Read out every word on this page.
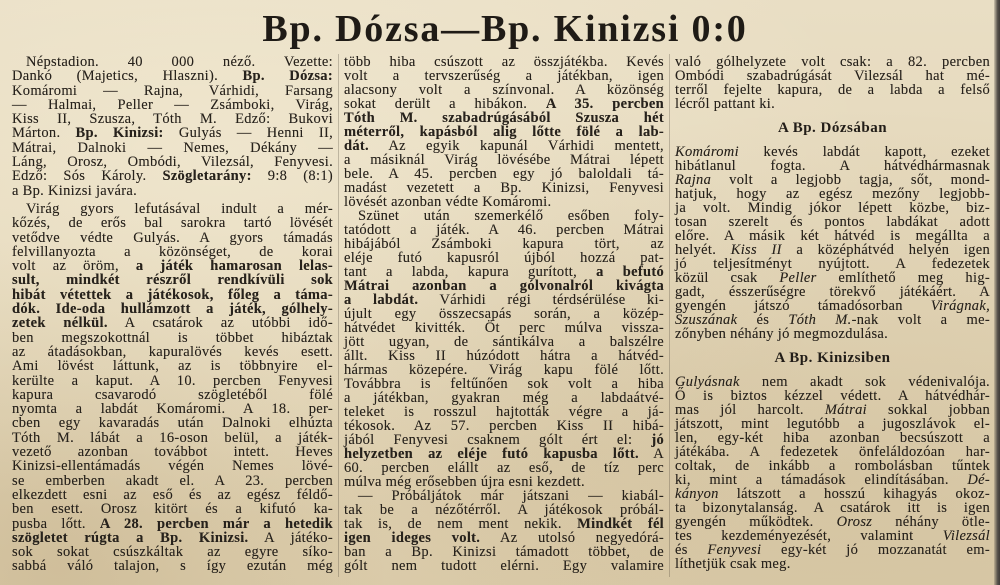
Bp. Dózsa—Bp. Kinizsi 0:0
Népstadion. 40 000 néző. Vezette:
Dankó (Majetics, Hlaszni). Bp. Dózsa:
Komáromi — Rajna, Várhidi, Farsang
— Halmai, Peller — Zsámboki, Virág,
Kiss II, Szusza, Tóth M. Edző: Bukovi
Márton. Bp. Kinizsi: Gulyás — Henni II,
Mátrai, Dalnoki — Nemes, Dékány —
Láng, Orosz, Ombódi, Vilezsál, Fenyvesi.
Edző: Sós Károly. Szögletarány: 9:8 (8:1)
a Bp. Kinizsi javára.
Virág gyors lefutásával indult a mér-
kőzés, de erős bal sarokra tartó lövését
vetődve védte Gulyás. A gyors támadás
felvillanyozta a közönséget, de korai
volt az öröm, a játék hamarosan lelas-
sult, mindkét részről rendkívüli sok
hibát vétettek a játékosok, főleg a táma-
dók. Ide-oda hullámzott a játék, gólhely-
zetek nélkül. A csatárok az utóbbi idő-
ben megszokottnál is többet hibáztak
az átadásokban, kapuralövés kevés esett.
Ami lövést láttunk, az is többnyire el-
kerülte a kaput. A 10. percben Fenyvesi
kapura csavarodó szögletéből fölé
nyomta a labdát Komáromi. A 18. per-
cben egy kavaradás után Dalnoki elhúzta
Tóth M. lábát a 16-oson belül, a játék-
vezető azonban továbbot intett. Heves
Kinizsi-ellentámadás végén Nemes lövé-
se emberben akadt el. A 23. percben
elkezdett esni az eső és az egész féldő-
ben esett. Orosz kitört és a kifutó ka-
pusba lőtt. A 28. percben már a hetedik
szögletet rúgta a Bp. Kinizsi. A játéko-
sok sokat csúszkáltak az egyre síko-
sabbá váló talajon, s így ezután még
több hiba csúszott az összjátékba. Kevés
volt a tervszerűség a játékban, igen
alacsony volt a színvonal. A közönség
sokat derült a hibákon. A 35. percben
Tóth M. szabadrúgásából Szusza hét
méterről, kapásból alig lőtte fölé a lab-
dát. Az egyik kapunál Várhidi mentett,
a másiknál Virág lövésébe Mátrai lépett
bele. A 45. percben egy jó baloldali tá-
madást vezetett a Bp. Kinizsi, Fenyvesi
lövését azonban védte Komáromi.
Szünet után szemerkélő esőben foly-
tatódott a játék. A 46. percben Mátrai
hibájából Zsámboki kapura tört, az
eléje futó kapusról újból hozzá pat-
tant a labda, kapura gurított, a befutó
Mátrai azonban a gólvonalról kivágta
a labdát. Várhidi régi térdsérülése ki-
újult egy összecsapás során, a közép-
hátvédet kivitték. Öt perc múlva vissza-
jött ugyan, de sántikálva a balszélre
állt. Kiss II húzódott hátra a hátvéd-
hármas közepére. Virág kapu fölé lőtt.
Továbbra is feltűnően sok volt a hiba
a játékban, gyakran még a labdaátvé-
teleket is rosszul hajtották végre a já-
tékosok. Az 57. percben Kiss II hibá-
jából Fenyvesi csaknem gólt ért el: jó
helyzetben az eléje futó kapusba lőtt. A
60. percben elállt az eső, de tíz perc
múlva még erősebben újra esni kezdett.
— Próbáljátok már játszani — kiabál-
tak be a nézőtérről. A játékosok próbál-
tak is, de nem ment nekik. Mindkét fél
igen ideges volt. Az utolsó negyedórá-
ban a Bp. Kinizsi támadott többet, de
gólt nem tudott elérni. Egy valamire
való gólhelyzete volt csak: a 82. percben
Ombódi szabadrúgását Vilezsál hat mé-
terről fejelte kapura, de a labda a felső
lécről pattant ki.
A Bp. Dózsában
Komáromi kevés labdát kapott, ezeket
hibátlanul fogta. A hátvédhármasnak
Rajna volt a legjobb tagja, sőt, mond-
hatjuk, hogy az egész mezőny legjobb-
ja volt. Mindig jókor lépett közbe, biz-
tosan szerelt és pontos labdákat adott
előre. A másik két hátvéd is megállta a
helyét. Kiss II a középhátvéd helyén igen
jó teljesítményt nyújtott. A fedezetek
közül csak Peller említhető meg hig-
gadt, ésszerűségre törekvő játékáért. A
gyengén játszó támadósorban Virágnak,
Szuszának és Tóth M.-nak volt a me-
zőnyben néhány jó megmozdulása.
A Bp. Kinizsiben
Gulyásnak nem akadt sok védenivalója.
Ő is biztos kézzel védett. A hátvédhár-
mas jól harcolt. Mátrai sokkal jobban
játszott, mint legutóbb a jugoszlávok el-
len, egy-két hiba azonban becsúszott a
játékába. A fedezetek önfeláldozóan har-
coltak, de inkább a rombolásban tűntek
ki, mint a támadások elindításában. Dé-
kányon látszott a hosszú kihagyás okoz-
ta bizonytalanság. A csatárok itt is igen
gyengén működtek. Orosz néhány ötle-
tes kezdeményezését, valamint Vilezsál
és Fenyvesi egy-két jó mozzanatát em-
líthetjük csak meg.
